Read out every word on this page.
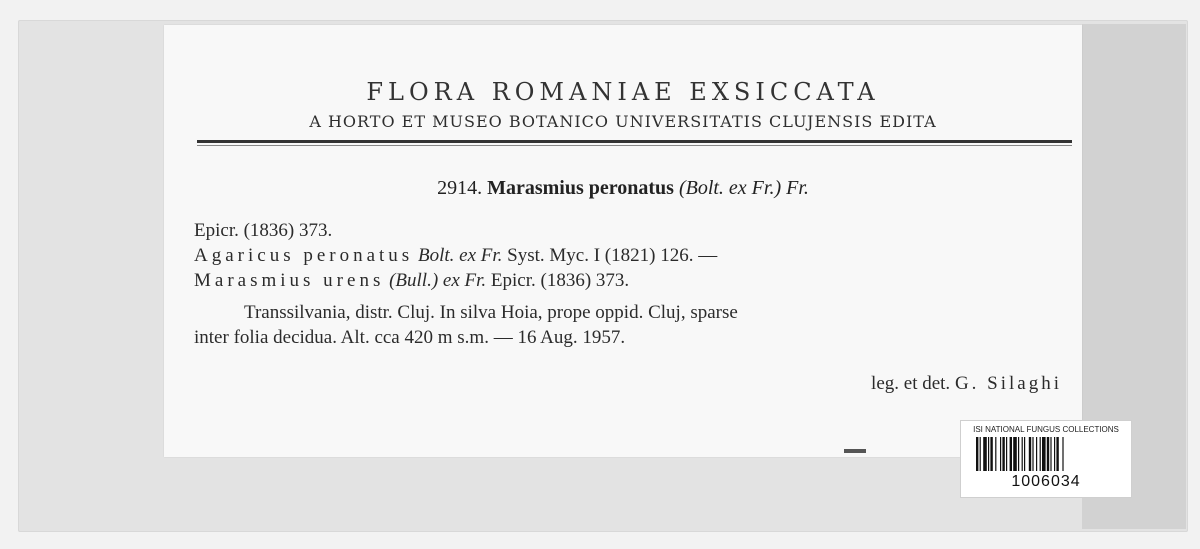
FLORA ROMANIAE EXSICCATA
A HORTO ET MUSEO BOTANICO UNIVERSITATIS CLUJENSIS EDITA
2914. Marasmius peronatus (Bolt. ex Fr.) Fr.
Epicr. (1836) 373.
Agaricus peronatus Bolt. ex Fr. Syst. Myc. I (1821) 126. —
Marasmius urens (Bull.) ex Fr. Epicr. (1836) 373.
Transsilvania, distr. Cluj. In silva Hoia, prope oppid. Cluj, sparse
inter folia decidua. Alt. cca 420 m s.m. — 16 Aug. 1957.
leg. et det. G. Silaghi
ISI NATIONAL FUNGUS COLLECTIONS
1006034
